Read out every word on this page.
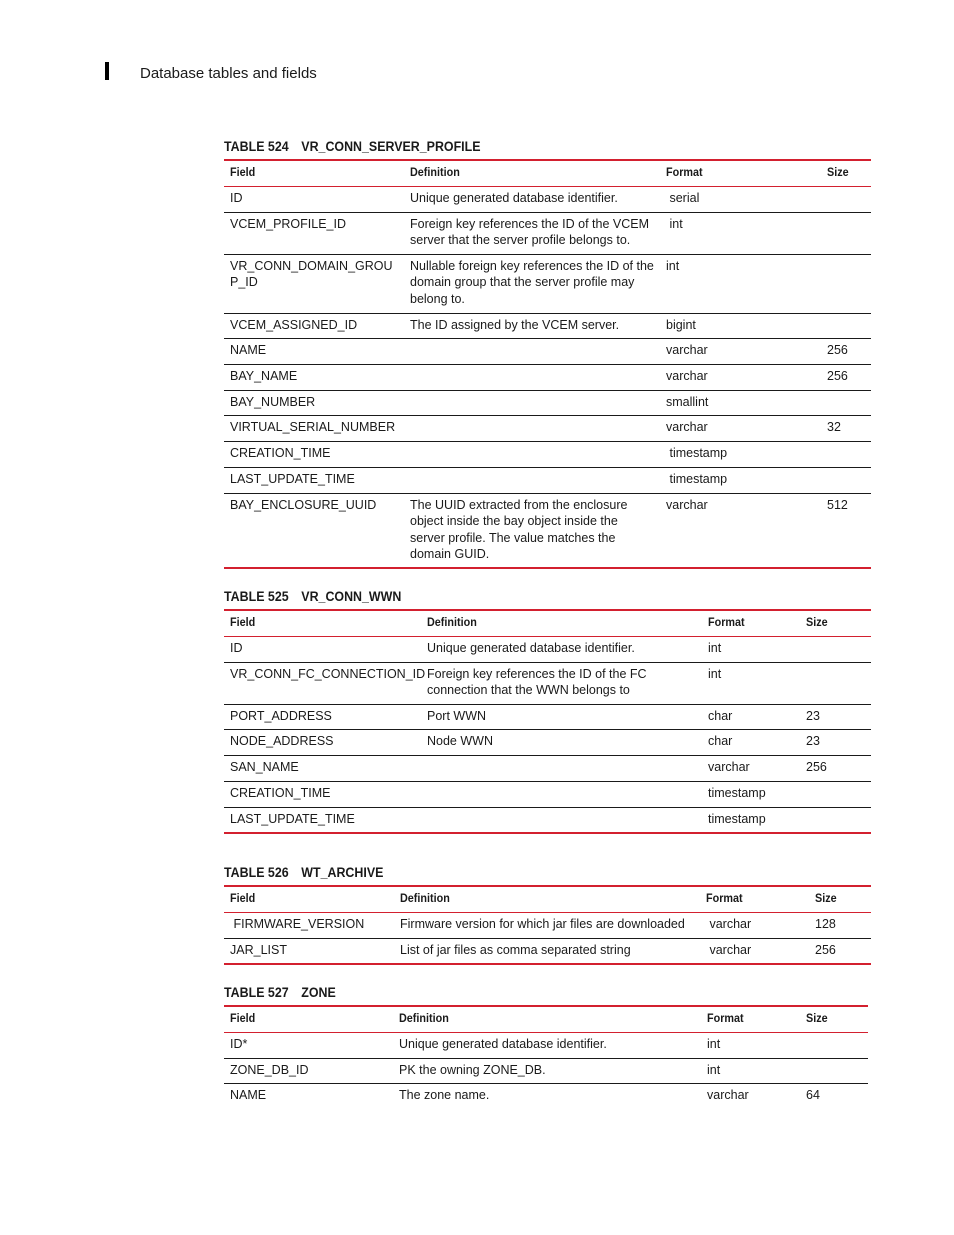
Database tables and fields
TABLE 524 VR_CONN_SERVER_PROFILE
Field	Definition	Format	Size
ID	Unique generated database identifier.	serial	
VCEM_PROFILE_ID	Foreign key references the ID of the VCEM server that the server profile belongs to.	int	
VR_CONN_DOMAIN_GROUP_ID	Nullable foreign key references the ID of the domain group that the server profile may belong to.	int	
VCEM_ASSIGNED_ID	The ID assigned by the VCEM server.	bigint	
NAME		varchar	256
BAY_NAME		varchar	256
BAY_NUMBER		smallint	
VIRTUAL_SERIAL_NUMBER		varchar	32
CREATION_TIME		timestamp	
LAST_UPDATE_TIME		timestamp	
BAY_ENCLOSURE_UUID	The UUID extracted from the enclosure object inside the bay object inside the server profile. The value matches the domain GUID.	varchar	512
TABLE 525 VR_CONN_WWN
Field	Definition	Format	Size
ID	Unique generated database identifier.	int	
VR_CONN_FC_CONNECTION_ID	Foreign key references the ID of the FC connection that the WWN belongs to	int	
PORT_ADDRESS	Port WWN	char	23
NODE_ADDRESS	Node WWN	char	23
SAN_NAME		varchar	256
CREATION_TIME		timestamp	
LAST_UPDATE_TIME		timestamp	
TABLE 526 WT_ARCHIVE
Field	Definition	Format	Size
FIRMWARE_VERSION	Firmware version for which jar files are downloaded	varchar	128
JAR_LIST	List of jar files as comma separated string	varchar	256
TABLE 527 ZONE
Field	Definition	Format	Size
ID*	Unique generated database identifier.	int	
ZONE_DB_ID	PK the owning ZONE_DB.	int	
NAME	The zone name.	varchar	64
